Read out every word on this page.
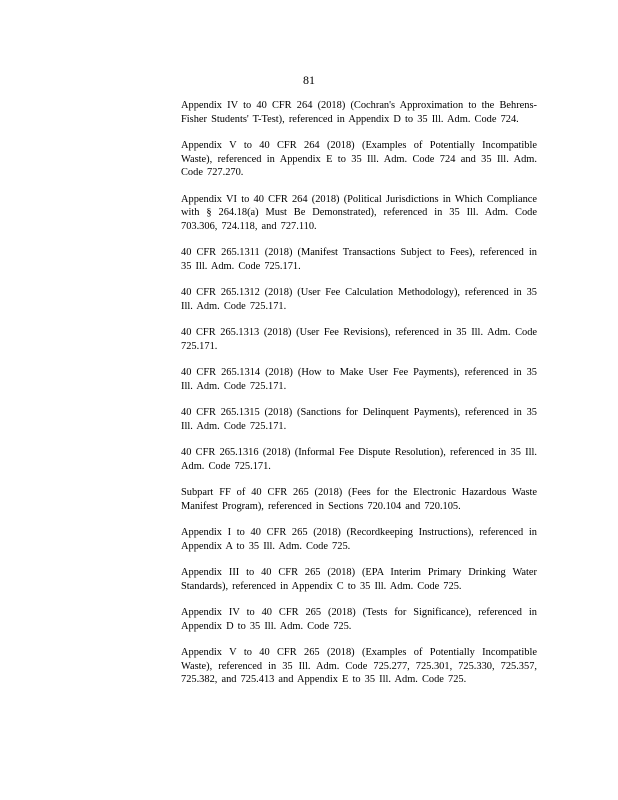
81

Appendix IV to 40 CFR 264 (2018) (Cochran's Approximation to the Behrens-Fisher Students' T-Test), referenced in Appendix D to 35 Ill. Adm. Code 724.

Appendix V to 40 CFR 264 (2018) (Examples of Potentially Incompatible Waste), referenced in Appendix E to 35 Ill. Adm. Code 724 and 35 Ill. Adm. Code 727.270.

Appendix VI to 40 CFR 264 (2018) (Political Jurisdictions in Which Compliance with § 264.18(a) Must Be Demonstrated), referenced in 35 Ill. Adm. Code 703.306, 724.118, and 727.110.

40 CFR 265.1311 (2018) (Manifest Transactions Subject to Fees), referenced in 35 Ill. Adm. Code 725.171.

40 CFR 265.1312 (2018) (User Fee Calculation Methodology), referenced in 35 Ill. Adm. Code 725.171.

40 CFR 265.1313 (2018) (User Fee Revisions), referenced in 35 Ill. Adm. Code 725.171.

40 CFR 265.1314 (2018) (How to Make User Fee Payments), referenced in 35 Ill. Adm. Code 725.171.

40 CFR 265.1315 (2018) (Sanctions for Delinquent Payments), referenced in 35 Ill. Adm. Code 725.171.

40 CFR 265.1316 (2018) (Informal Fee Dispute Resolution), referenced in 35 Ill. Adm. Code 725.171.

Subpart FF of 40 CFR 265 (2018) (Fees for the Electronic Hazardous Waste Manifest Program), referenced in Sections 720.104 and 720.105.

Appendix I to 40 CFR 265 (2018) (Recordkeeping Instructions), referenced in Appendix A to 35 Ill. Adm. Code 725.

Appendix III to 40 CFR 265 (2018) (EPA Interim Primary Drinking Water Standards), referenced in Appendix C to 35 Ill. Adm. Code 725.

Appendix IV to 40 CFR 265 (2018) (Tests for Significance), referenced in Appendix D to 35 Ill. Adm. Code 725.

Appendix V to 40 CFR 265 (2018) (Examples of Potentially Incompatible Waste), referenced in 35 Ill. Adm. Code 725.277, 725.301, 725.330, 725.357, 725.382, and 725.413 and Appendix E to 35 Ill. Adm. Code 725.
